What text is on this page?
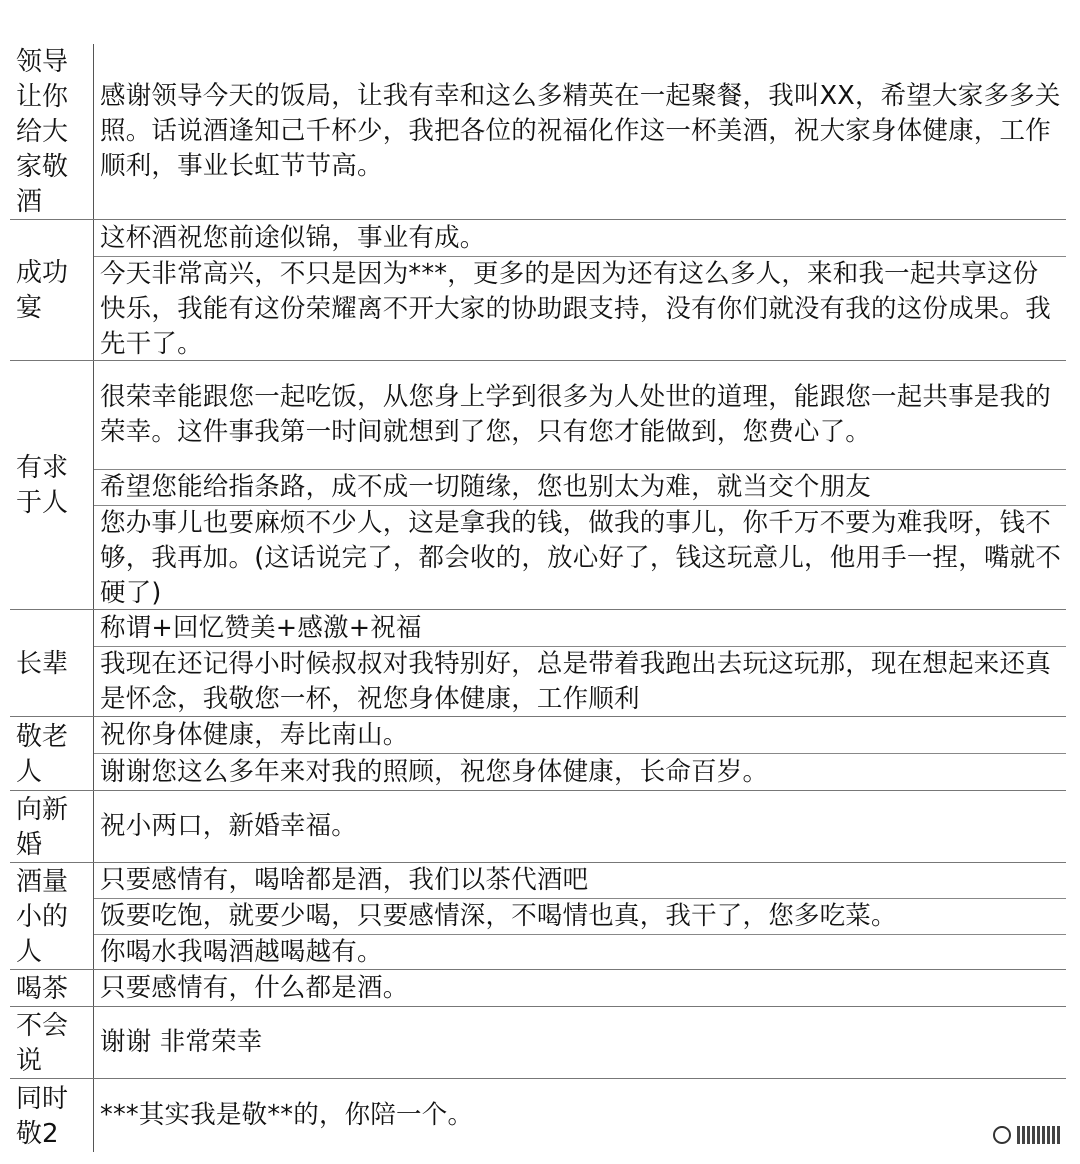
领导让你给大家敬酒
感谢领导今天的饭局，让我有幸和这么多精英在一起聚餐，我叫XX，希望大家多多关照。话说酒逢知己千杯少，我把各位的祝福化作这一杯美酒，祝大家身体健康，工作顺利，事业长虹节节高。
成功宴
这杯酒祝您前途似锦，事业有成。
今天非常高兴，不只是因为***，更多的是因为还有这么多人，来和我一起共享这份快乐，我能有这份荣耀离不开大家的协助跟支持，没有你们就没有我的这份成果。我先干了。
有求于人
很荣幸能跟您一起吃饭，从您身上学到很多为人处世的道理，能跟您一起共事是我的荣幸。这件事我第一时间就想到了您，只有您才能做到，您费心了。
希望您能给指条路，成不成一切随缘，您也别太为难，就当交个朋友
您办事儿也要麻烦不少人，这是拿我的钱，做我的事儿，你千万不要为难我呀，钱不够，我再加。(这话说完了，都会收的，放心好了，钱这玩意儿，他用手一捏，嘴就不硬了)
长辈
称谓+回忆赞美+感激+祝福
我现在还记得小时候叔叔对我特别好，总是带着我跑出去玩这玩那，现在想起来还真是怀念，我敬您一杯，祝您身体健康，工作顺利
敬老人
祝你身体健康，寿比南山。
谢谢您这么多年来对我的照顾，祝您身体健康，长命百岁。
向新婚
祝小两口，新婚幸福。
酒量小的人
只要感情有，喝啥都是酒，我们以茶代酒吧
饭要吃饱，就要少喝，只要感情深，不喝情也真，我干了，您多吃菜。
你喝水我喝酒越喝越有。
喝茶	只要感情有，什么都是酒。
不会说
谢谢 非常荣幸
同时敬2
***其实我是敬**的，你陪一个。
